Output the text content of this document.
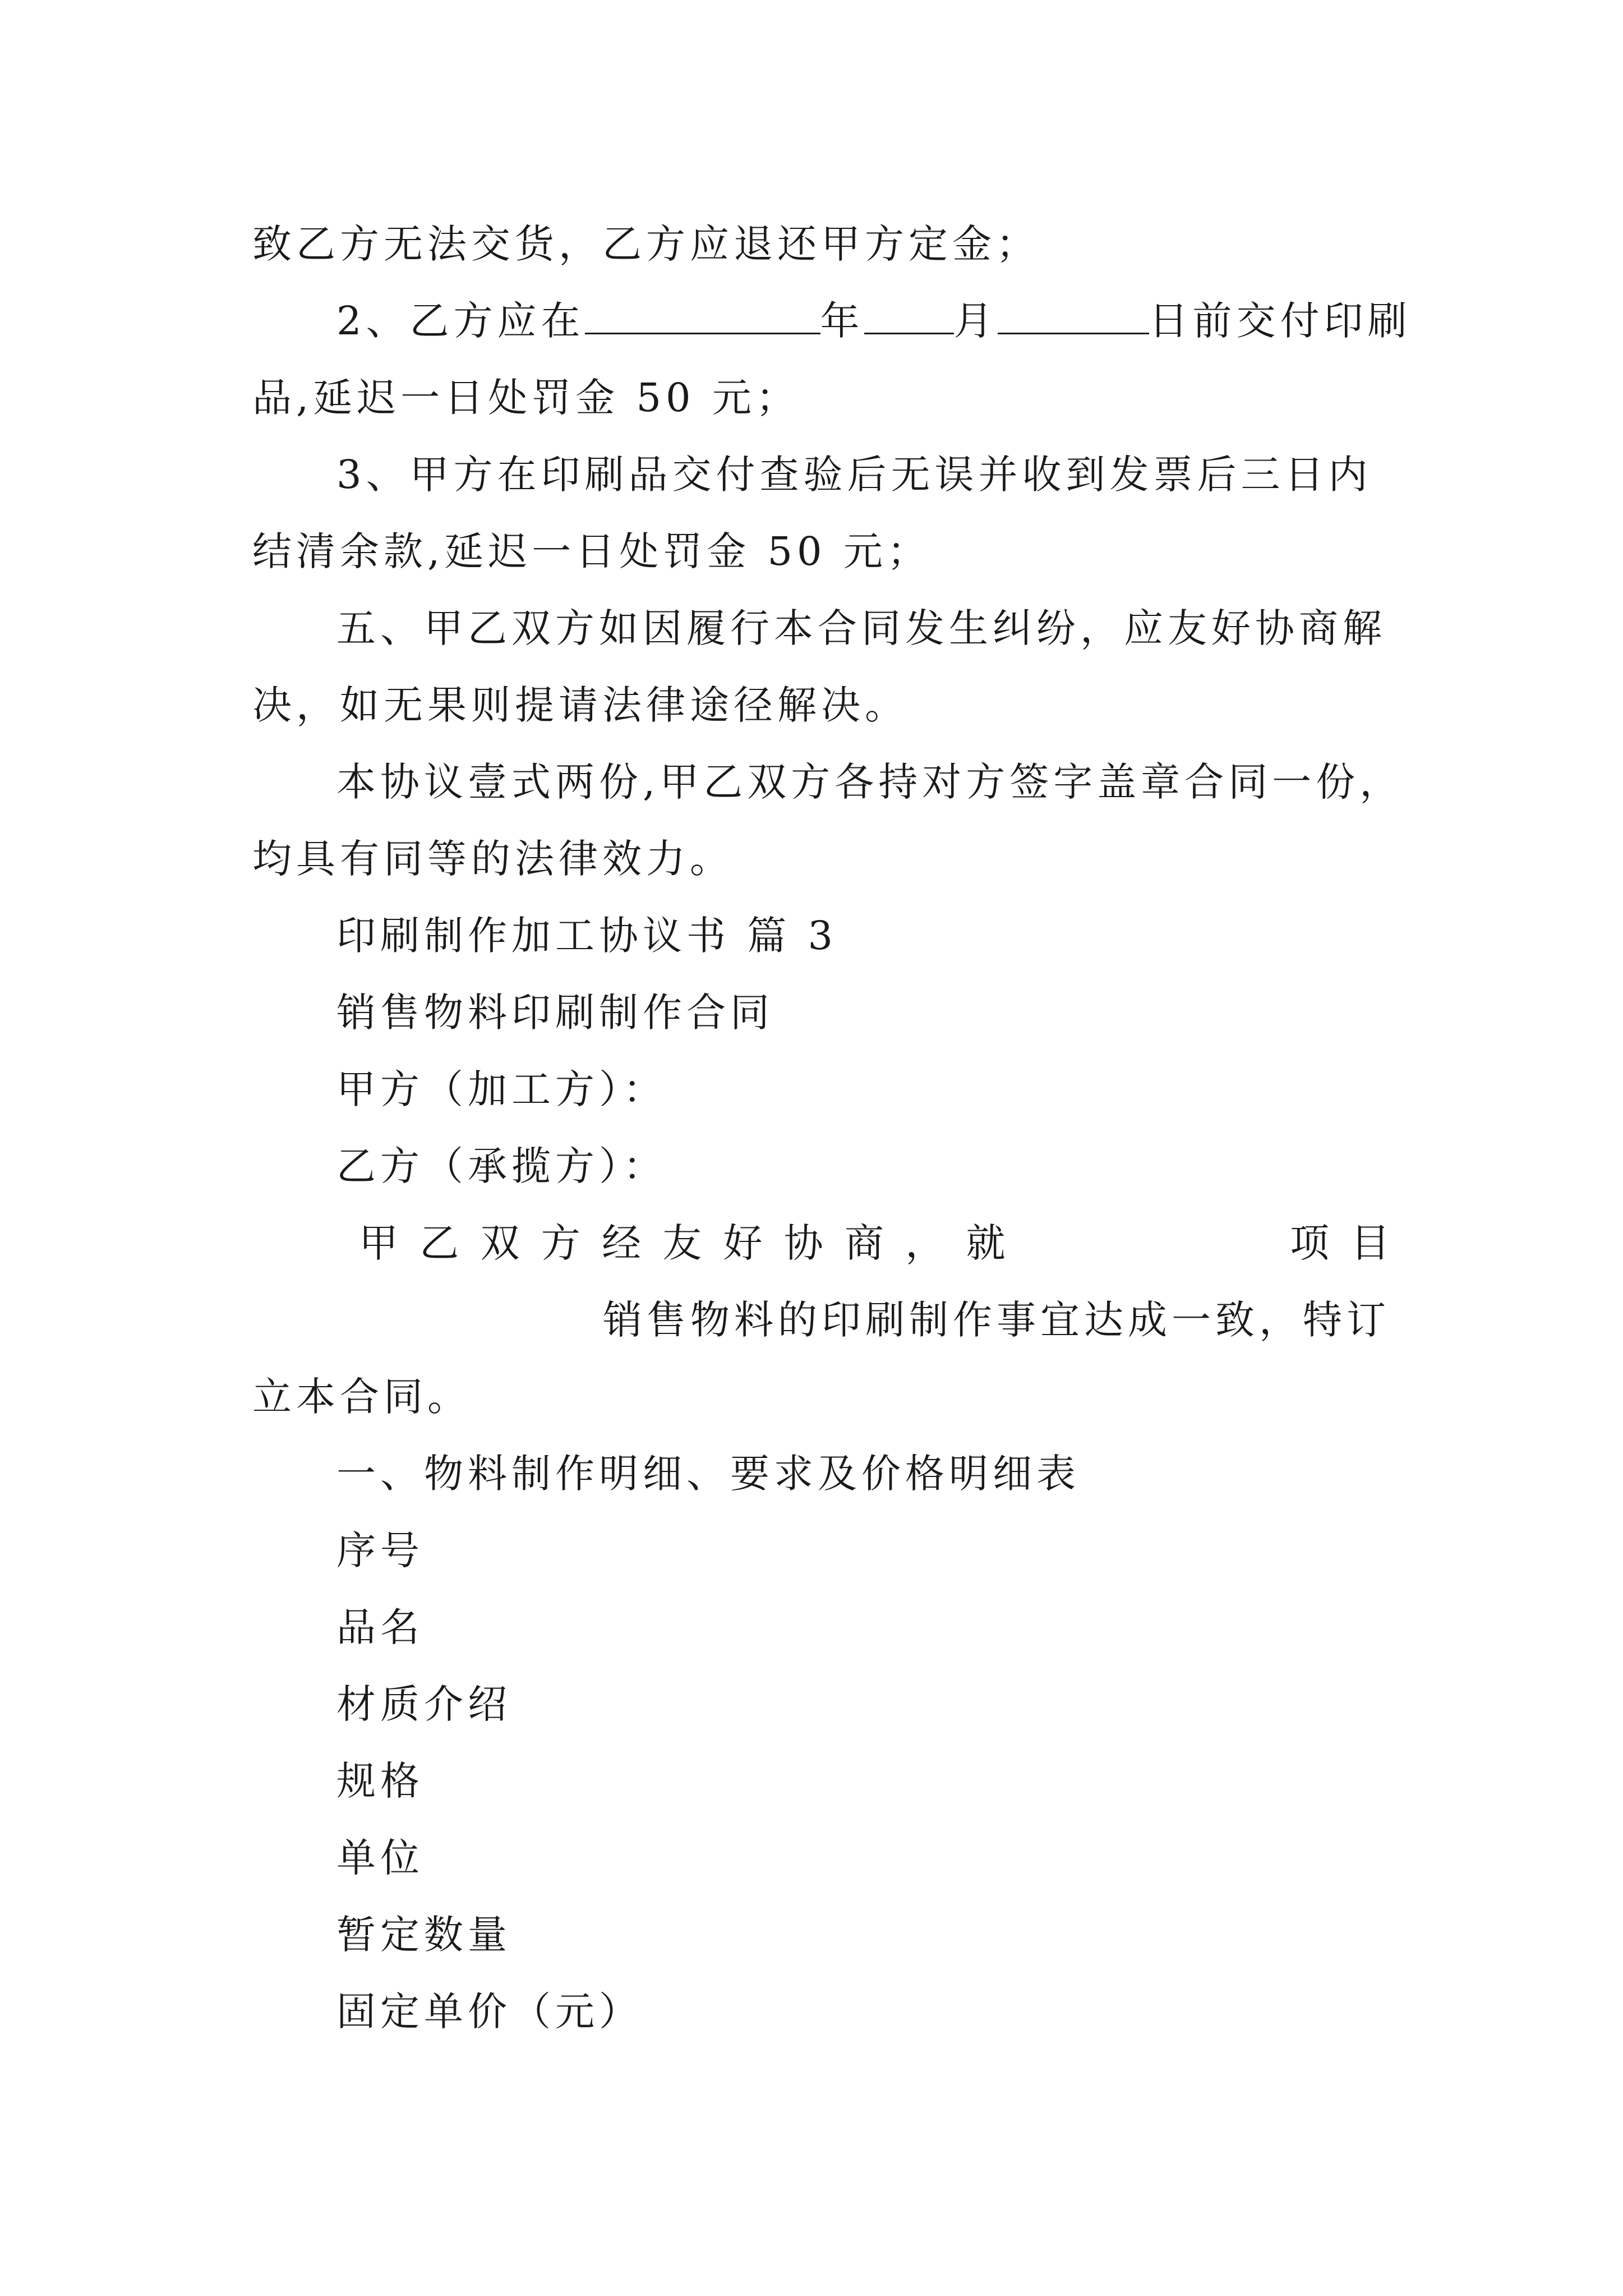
致乙方无法交货，乙方应退还甲方定金；
2、乙方应在	年 月	日前交付印刷
品,延迟一日处罚金 50 元；
3、甲方在印刷品交付查验后无误并收到发票后三日内
结清余款,延迟一日处罚金 50 元；
五、甲乙双方如因履行本合同发生纠纷，应友好协商解
决，如无果则提请法律途径解决。
本协议壹式两份,甲乙双方各持对方签字盖章合同一份，
均具有同等的法律效力。
印刷制作加工协议书 篇 3
销售物料印刷制作合同
甲方（加工方）：
乙方（承揽方）：
甲 乙 双 方 经 友 好 协 商 ， 就	项 目
销售物料的印刷制作事宜达成一致，特订
立本合同。
一、物料制作明细、要求及价格明细表
序号
品名
材质介绍
规格
单位
暂定数量
固定单价（元）
